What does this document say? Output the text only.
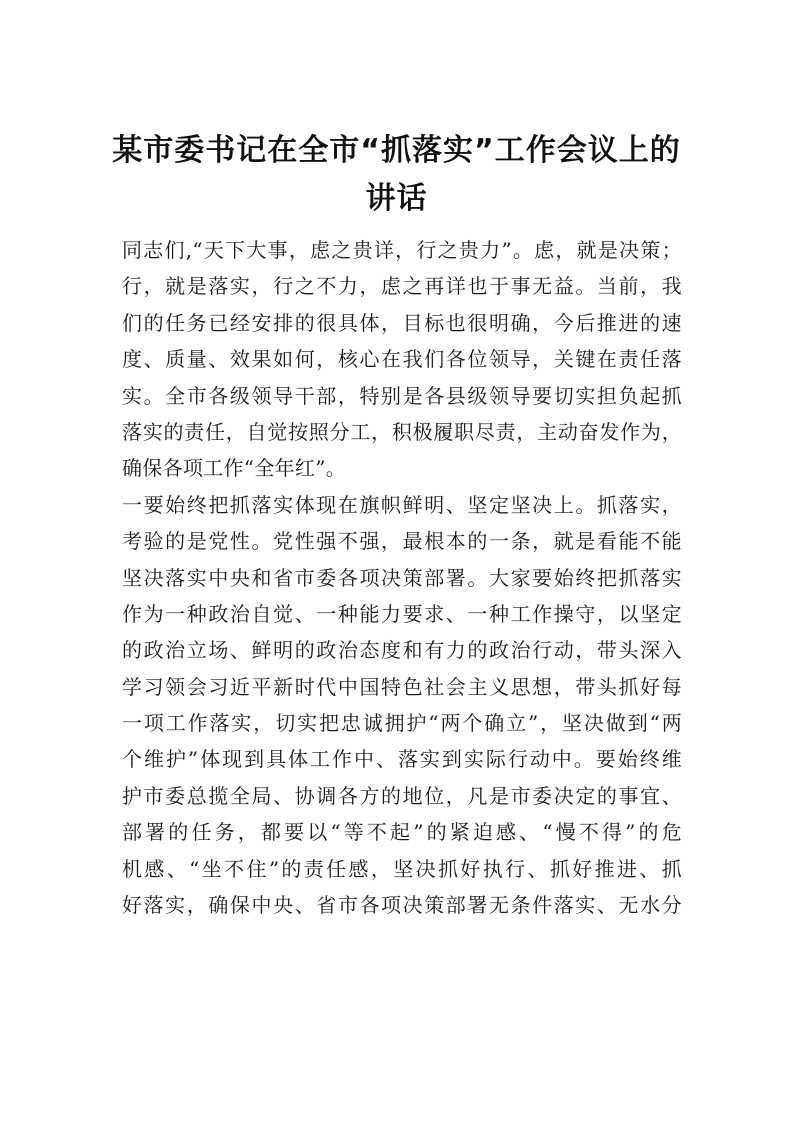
某市委书记在全市“抓落实”工作会议上的
讲话
同志们,“天下大事，虑之贵详，行之贵力”。虑，就是决策；
行，就是落实，行之不力，虑之再详也于事无益。当前，我
们的任务已经安排的很具体，目标也很明确，今后推进的速
度、质量、效果如何，核心在我们各位领导，关键在责任落
实。全市各级领导干部，特别是各县级领导要切实担负起抓
落实的责任，自觉按照分工，积极履职尽责，主动奋发作为，
确保各项工作“全年红”。
一要始终把抓落实体现在旗帜鲜明、坚定坚决上。抓落实，
考验的是党性。党性强不强，最根本的一条，就是看能不能
坚决落实中央和省市委各项决策部署。大家要始终把抓落实
作为一种政治自觉、一种能力要求、一种工作操守，以坚定
的政治立场、鲜明的政治态度和有力的政治行动，带头深入
学习领会习近平新时代中国特色社会主义思想，带头抓好每
一项工作落实，切实把忠诚拥护“两个确立”，坚决做到“两
个维护”体现到具体工作中、落实到实际行动中。要始终维
护市委总揽全局、协调各方的地位，凡是市委决定的事宜、
部署的任务，都要以“等不起”的紧迫感、“慢不得”的危
机感、“坐不住”的责任感，坚决抓好执行、抓好推进、抓
好落实，确保中央、省市各项决策部署无条件落实、无水分
